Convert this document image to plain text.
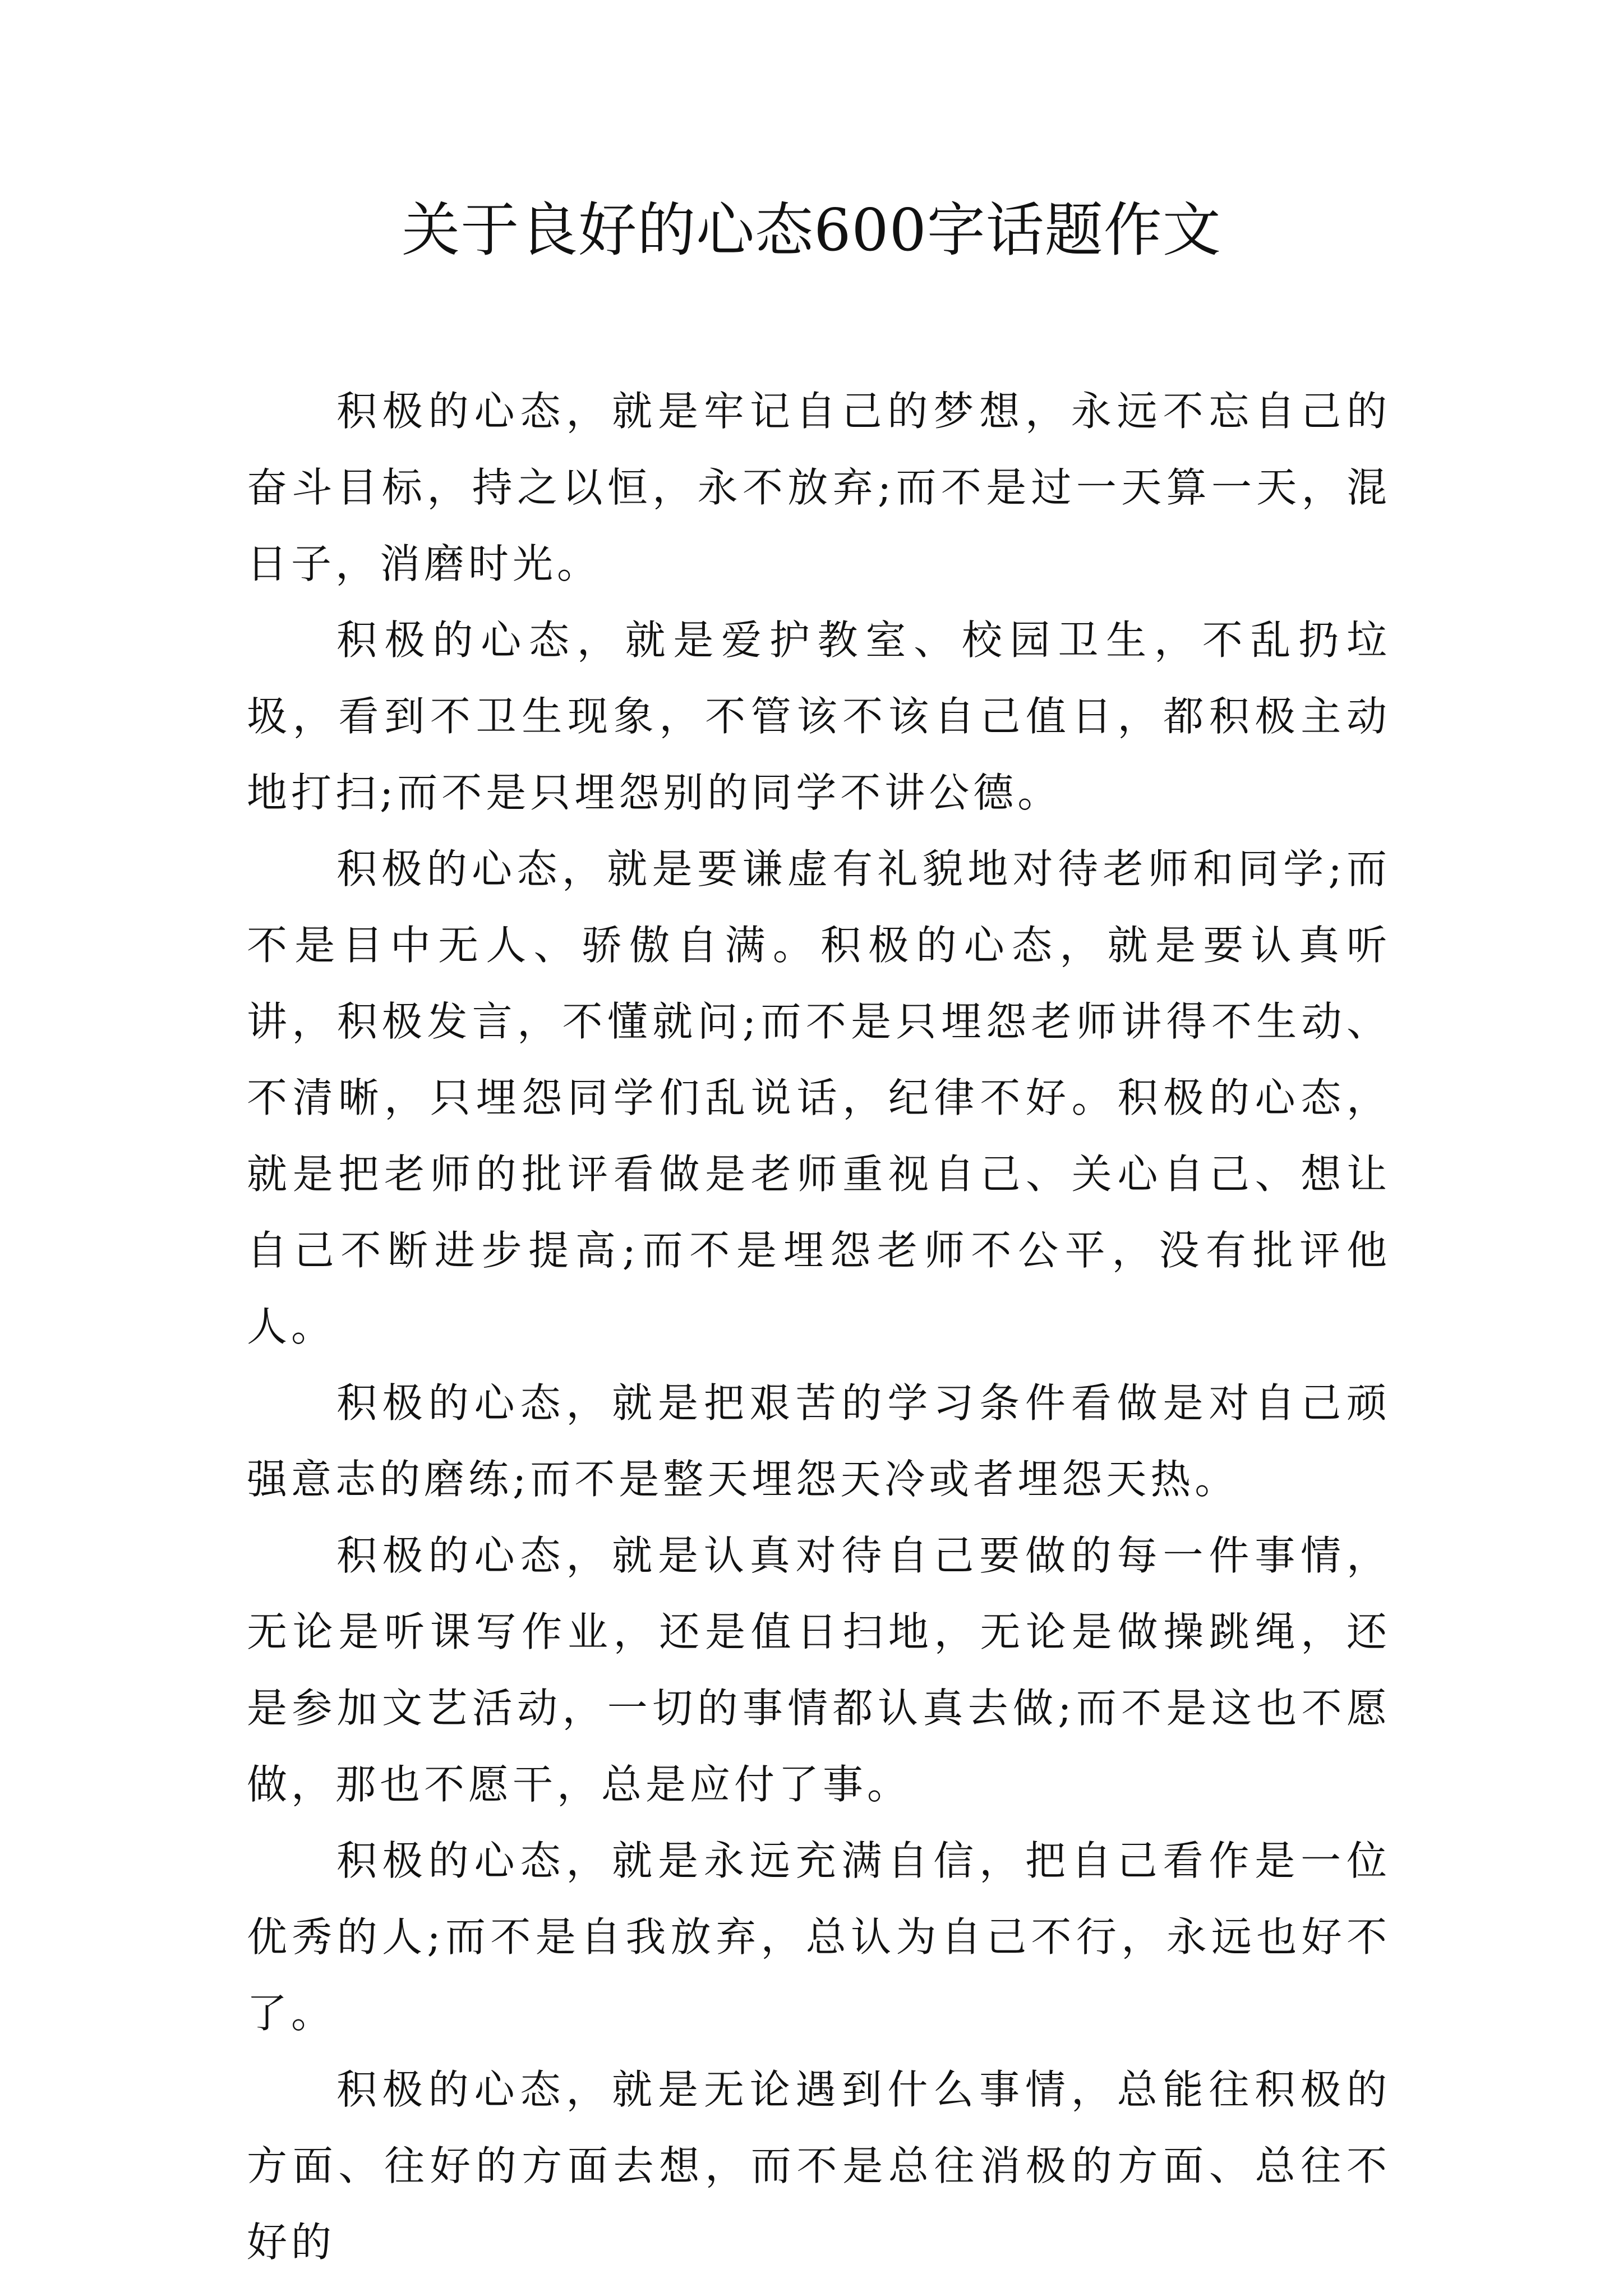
关于良好的心态600字话题作文

积极的心态，就是牢记自己的梦想，永远不忘自己的奋斗目标，持之以恒，永不放弃;而不是过一天算一天，混日子，消磨时光。

积极的心态，就是爱护教室、校园卫生，不乱扔垃圾，看到不卫生现象，不管该不该自己值日，都积极主动地打扫;而不是只埋怨别的同学不讲公德。

积极的心态，就是要谦虚有礼貌地对待老师和同学;而不是目中无人、骄傲自满。积极的心态，就是要认真听讲，积极发言，不懂就问;而不是只埋怨老师讲得不生动、不清晰，只埋怨同学们乱说话，纪律不好。积极的心态，就是把老师的批评看做是老师重视自己、关心自己、想让自己不断进步提高;而不是埋怨老师不公平，没有批评他人。

积极的心态，就是把艰苦的学习条件看做是对自己顽强意志的磨练;而不是整天埋怨天冷或者埋怨天热。

积极的心态，就是认真对待自己要做的每一件事情，无论是听课写作业，还是值日扫地，无论是做操跳绳，还是参加文艺活动，一切的事情都认真去做;而不是这也不愿做，那也不愿干，总是应付了事。

积极的心态，就是永远充满自信，把自己看作是一位优秀的人;而不是自我放弃，总认为自己不行，永远也好不了。

积极的心态，就是无论遇到什么事情，总能往积极的方面、往好的方面去想，而不是总往消极的方面、总往不好的
